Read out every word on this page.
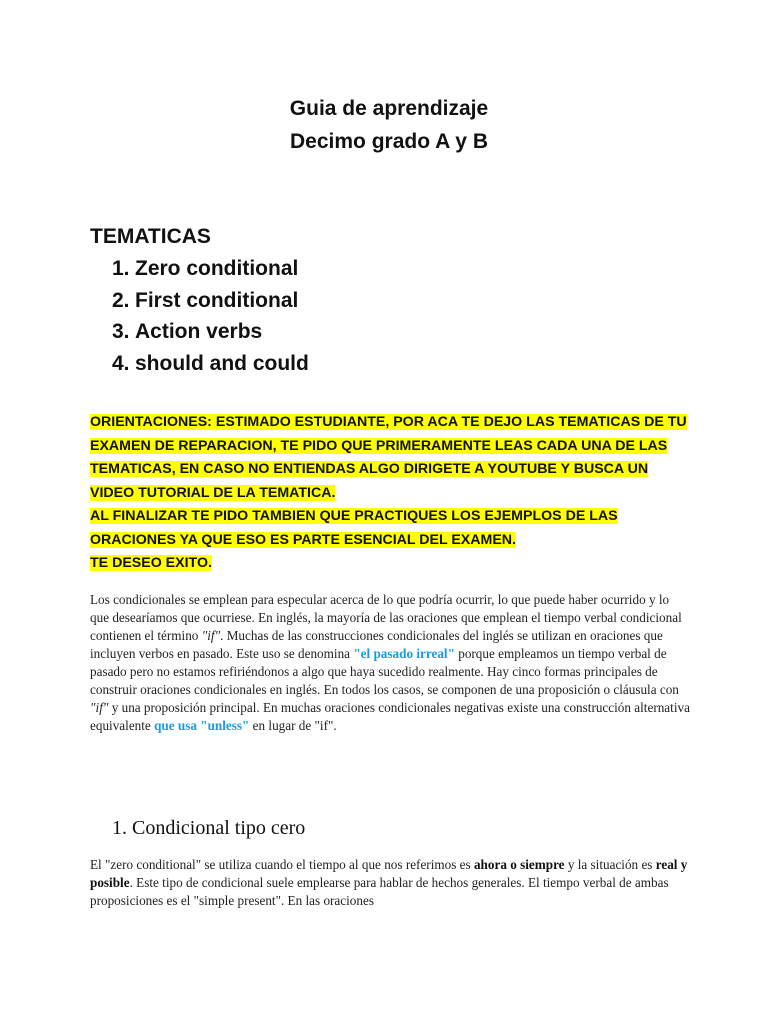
Guia de aprendizaje
Decimo grado A y B
TEMATICAS
1. Zero conditional
2. First conditional
3. Action verbs
4. should and could

ORIENTACIONES: ESTIMADO ESTUDIANTE, POR ACA TE DEJO LAS TEMATICAS DE TU EXAMEN DE REPARACION, TE PIDO QUE PRIMERAMENTE LEAS CADA UNA DE LAS TEMATICAS, EN CASO NO ENTIENDAS ALGO DIRIGETE A YOUTUBE Y BUSCA UN VIDEO TUTORIAL DE LA TEMATICA.

AL FINALIZAR TE PIDO TAMBIEN QUE PRACTIQUES LOS EJEMPLOS DE LAS ORACIONES YA QUE ESO ES PARTE ESENCIAL DEL EXAMEN.

TE DESEO EXITO.

Los condicionales se emplean para especular acerca de lo que podría ocurrir, lo que puede haber ocurrido y lo que desearíamos que ocurriese. En inglés, la mayoría de las oraciones que emplean el tiempo verbal condicional contienen el término "if". Muchas de las construcciones condicionales del inglés se utilizan en oraciones que incluyen verbos en pasado. Este uso se denomina "el pasado irreal" porque empleamos un tiempo verbal de pasado pero no estamos refiriéndonos a algo que haya sucedido realmente. Hay cinco formas principales de construir oraciones condicionales en inglés. En todos los casos, se componen de una proposición o cláusula con "if" y una proposición principal. En muchas oraciones condicionales negativas existe una construcción alternativa equivalente que usa "unless" en lugar de "if".
1. Condicional tipo cero
El "zero conditional" se utiliza cuando el tiempo al que nos referimos es ahora o siempre y la situación es real y posible. Este tipo de condicional suele emplearse para hablar de hechos generales. El tiempo verbal de ambas proposiciones es el "simple present". En las oraciones
